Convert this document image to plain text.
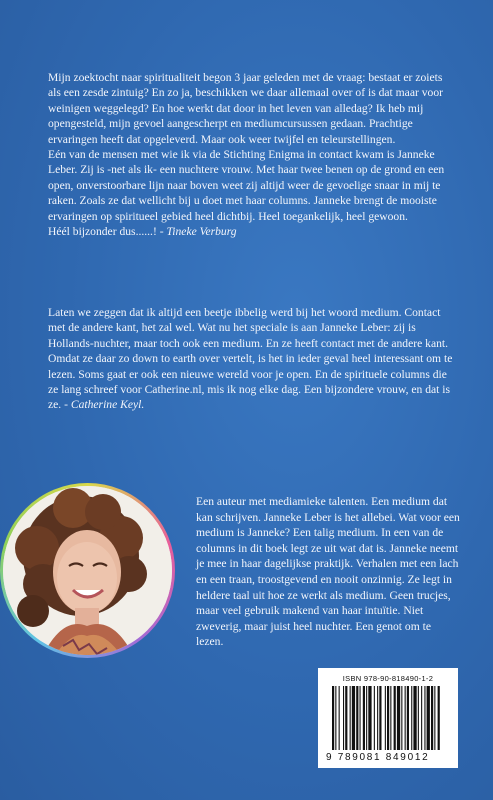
Mijn zoektocht naar spiritualiteit begon 3 jaar geleden met de vraag: bestaat er zoiets als een zesde zintuig? En zo ja, beschikken we daar allemaal over of is dat maar voor weinigen weggelegd? En hoe werkt dat door in het leven van alledag? Ik heb mij opengesteld, mijn gevoel aangescherpt en mediumcursussen gedaan. Prachtige ervaringen heeft dat opgeleverd. Maar ook weer twijfel en teleurstellingen.

Eén van de mensen met wie ik via de Stichting Enigma in contact kwam is Janneke Leber. Zij is -net als ik- een nuchtere vrouw. Met haar twee benen op de grond en een open, onverstoorbare lijn naar boven weet zij altijd weer de gevoelige snaar in mij te raken. Zoals ze dat wellicht bij u doet met haar columns. Janneke brengt de mooiste ervaringen op spiritueel gebied heel dichtbij. Heel toegankelijk, heel gewoon.

Héél bijzonder dus......! - Tineke Verburg

Laten we zeggen dat ik altijd een beetje ibbelig werd bij het woord medium. Contact met de andere kant, het zal wel. Wat nu het speciale is aan Janneke Leber: zij is Hollands-nuchter, maar toch ook een medium. En ze heeft contact met de andere kant. Omdat ze daar zo down to earth over vertelt, is het in ieder geval heel interessant om te lezen. Soms gaat er ook een nieuwe wereld voor je open. En de spirituele columns die ze lang schreef voor Catherine.nl, mis ik nog elke dag. Een bijzondere vrouw, en dat is ze. - Catherine Keyl.

Een auteur met mediamieke talenten. Een medium dat kan schrijven. Janneke Leber is het allebei. Wat voor een medium is Janneke? Een talig medium. In een van de columns in dit boek legt ze uit wat dat is. Janneke neemt je mee in haar dagelijkse praktijk. Verhalen met een lach en een traan, troostgevend en nooit onzinnig. Ze legt in heldere taal uit hoe ze werkt als medium. Geen trucjes, maar veel gebruik makend van haar intuïtie. Niet zweverig, maar juist heel nuchter. Een genot om te lezen.

ISBN 978-90-818490-1-2
9 789081 849012
